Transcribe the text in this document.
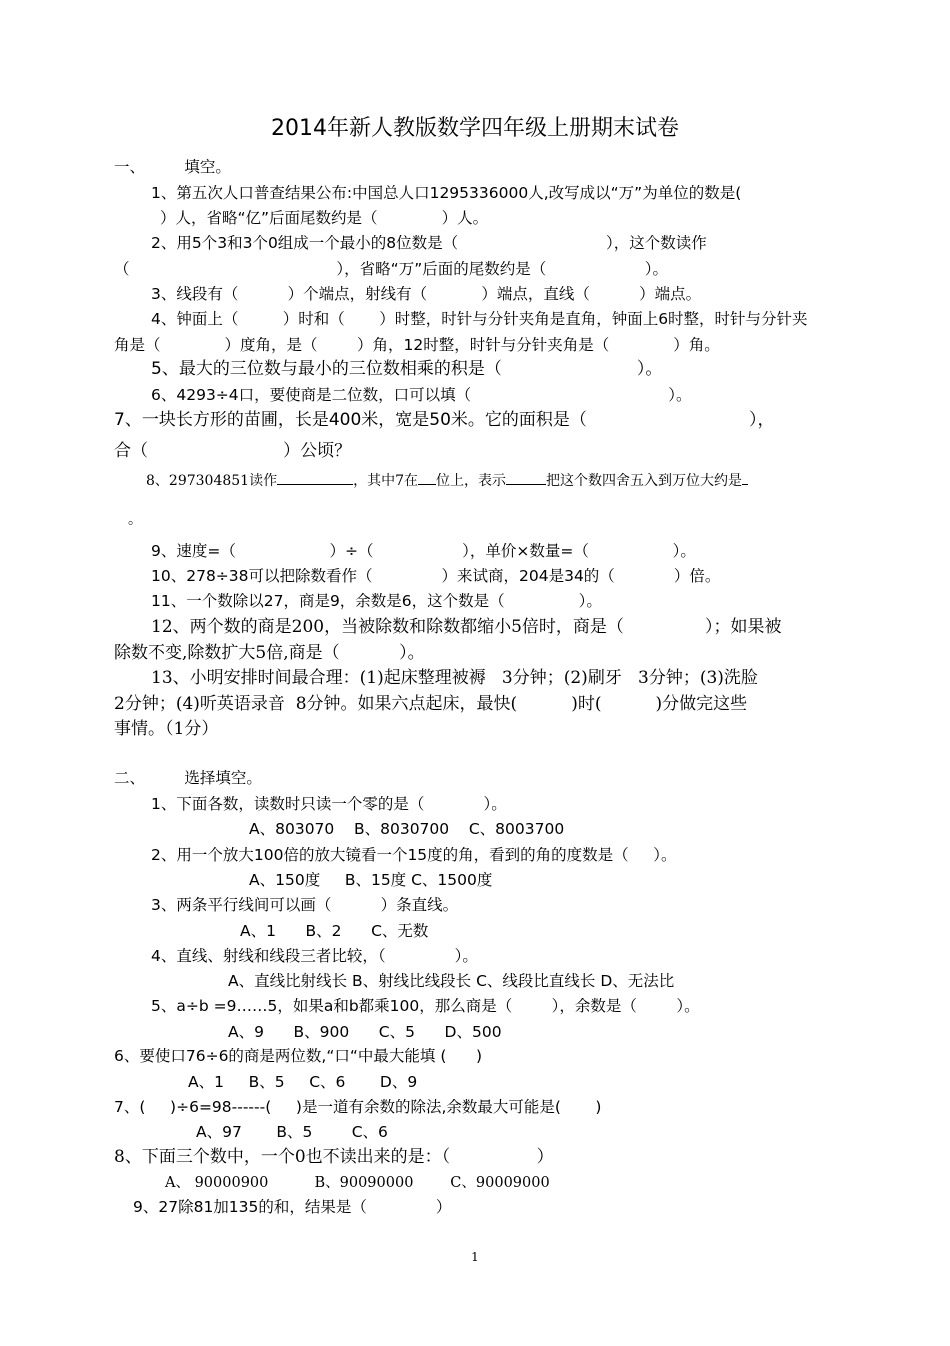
2014年新人教版数学四年级上册期末试卷
一、        填空。
1、第五次人口普查结果公布:中国总人口1295336000人,改写成以“万”为单位的数是(
）人，省略“亿”后面尾数约是（             ）人。
2、用5个3和3个0组成一个最小的8位数是（                              ），这个数读作
（                                          ），省略“万”后面的尾数约是（                    ）。
3、线段有（          ）个端点，射线有（           ）端点，直线（          ）端点。
4、钟面上（         ）时和（       ）时整，时针与分针夹角是直角，钟面上6时整，时针与分针夹
角是（             ）度角，是（        ）角，12时整，时针与分针夹角是（             ）角。
5、最大的三位数与最小的三位数相乘的积是（                         ）。
6、4293÷4口，要使商是二位数，口可以填（                                        ）。
7、一块长方形的苗圃，长是400米，宽是50米。它的面积是（                              ），
合（                         ）公顷？
8、297304851读作	，其中7在 位上，表示	把这个数四舍五入到万位大约是
。
9、速度=（                   ）÷（                  ），单价×数量=（                 ）。
10、278÷38可以把除数看作（              ）来试商，204是34的（            ）倍。
11、一个数除以27，商是9，余数是6，这个数是（               ）。
12、两个数的商是200，当被除数和除数都缩小5倍时，商是（               ）；如果被
除数不变,除数扩大5倍,商是（           ）。
13、小明安排时间最合理：(1)起床整理被褥   3分钟；(2)刷牙   3分钟；(3)洗脸
2分钟；(4)听英语录音  8分钟。如果六点起床，最快(          )时(          )分做完这些
事情。（1分）
二、        选择填空。
1、下面各数，读数时只读一个零的是（            ）。
A、803070    B、8030700    C、8003700
2、用一个放大100倍的放大镜看一个15度的角，看到的角的度数是（     ）。
A、150度     B、15度 C、1500度
3、两条平行线间可以画（          ）条直线。
A、1      B、2      C、无数
4、直线、射线和线段三者比较，（              ）。
A、直线比射线长 B、射线比线段长 C、线段比直线长 D、无法比
5、a÷b =9……5，如果a和b都乘100，那么商是（        ），余数是（        ）。
A、9      B、900      C、5      D、500
6、要使口76÷6的商是两位数,“口“中最大能填 (      )
A、1     B、5     C、6       D、9
7、(     )÷6=98------(     )是一道有余数的除法,余数最大可能是(       )
A、97       B、5        C、6
8、下面三个数中，一个0也不读出来的是：（                ）
A、 90000900          B、90090000        C、90009000
9、27除81加135的和，结果是（              ）
1
